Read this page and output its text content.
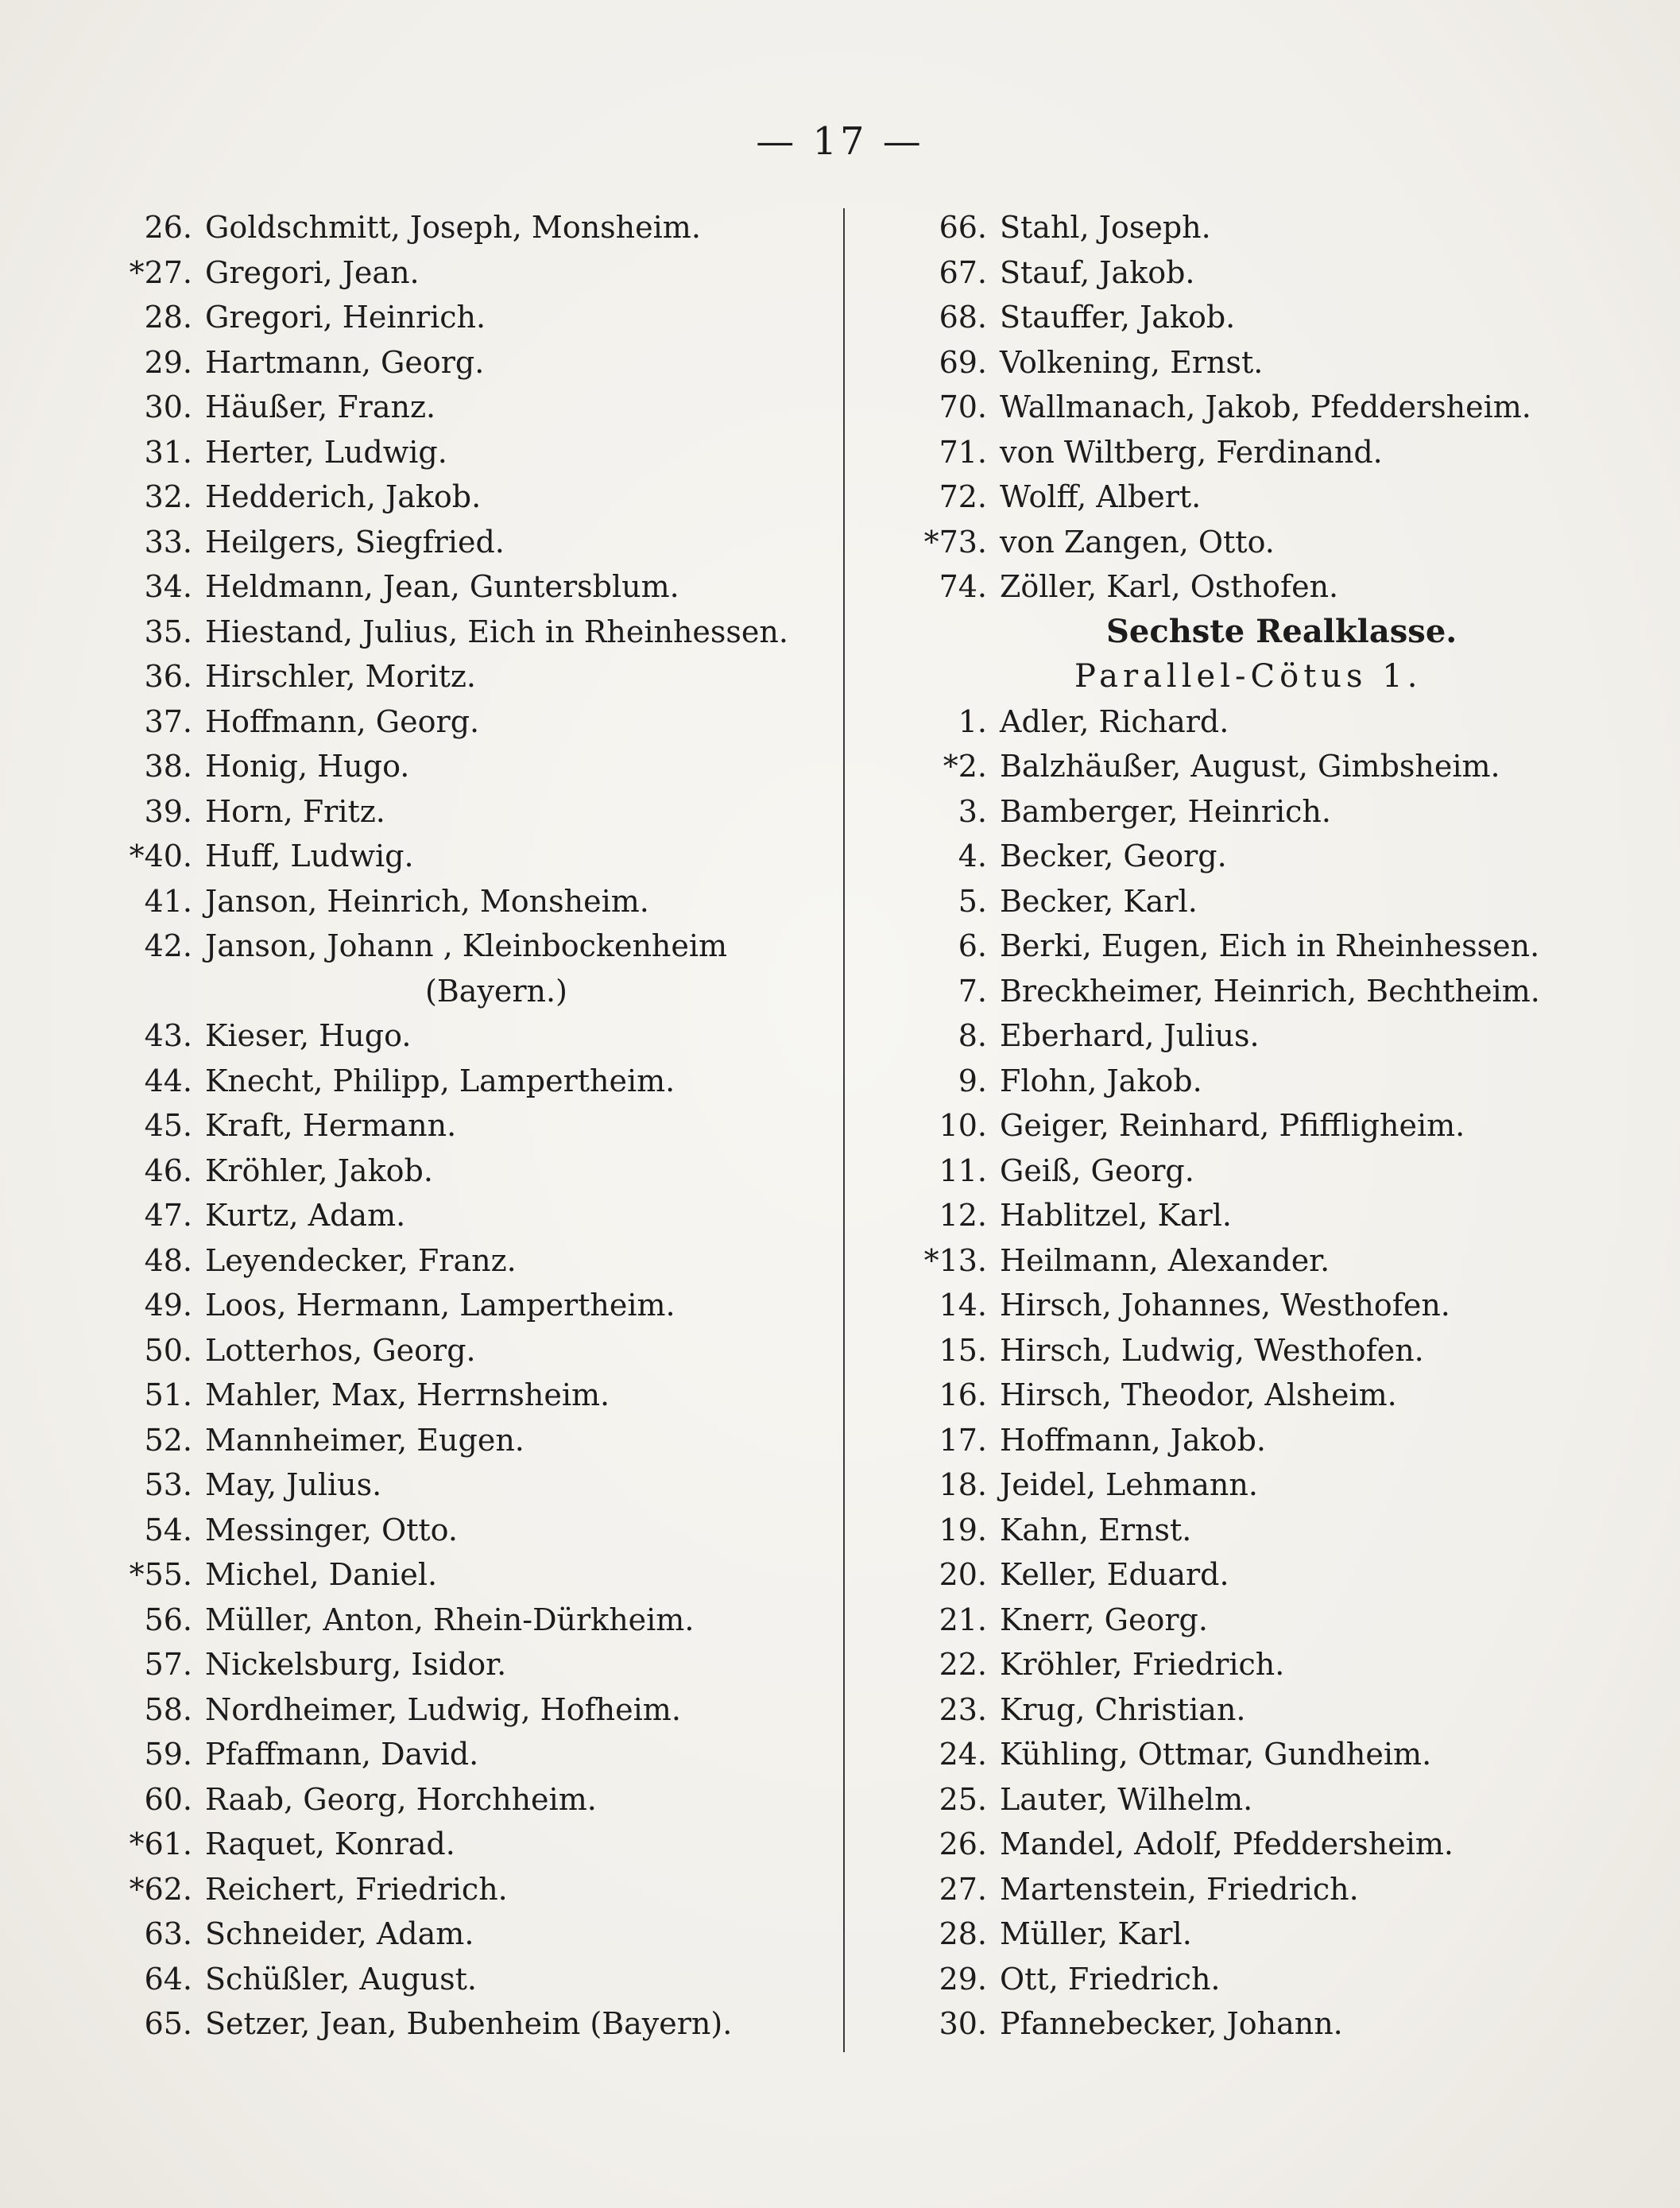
— 17 —
26. Goldschmitt, Joseph, Monsheim.
*27. Gregori, Jean.
28. Gregori, Heinrich.
29. Hartmann, Georg.
30. Häußer, Franz.
31. Herter, Ludwig.
32. Hedderich, Jakob.
33. Heilgers, Siegfried.
34. Heldmann, Jean, Guntersblum.
35. Hiestand, Julius, Eich in Rheinhessen.
36. Hirschler, Moritz.
37. Hoffmann, Georg.
38. Honig, Hugo.
39. Horn, Fritz.
*40. Huff, Ludwig.
41. Janson, Heinrich, Monsheim.
42. Janson, Johann , Kleinbockenheim
(Bayern.)
43. Kieser, Hugo.
44. Knecht, Philipp, Lampertheim.
45. Kraft, Hermann.
46. Kröhler, Jakob.
47. Kurtz, Adam.
48. Leyendecker, Franz.
49. Loos, Hermann, Lampertheim.
50. Lotterhos, Georg.
51. Mahler, Max, Herrnsheim.
52. Mannheimer, Eugen.
53. May, Julius.
54. Messinger, Otto.
*55. Michel, Daniel.
56. Müller, Anton, Rhein-Dürkheim.
57. Nickelsburg, Isidor.
58. Nordheimer, Ludwig, Hofheim.
59. Pfaffmann, David.
60. Raab, Georg, Horchheim.
*61. Raquet, Konrad.
*62. Reichert, Friedrich.
63. Schneider, Adam.
64. Schüßler, August.
65. Setzer, Jean, Bubenheim (Bayern).
66. Stahl, Joseph.
67. Stauf, Jakob.
68. Stauffer, Jakob.
69. Volkening, Ernst.
70. Wallmanach, Jakob, Pfeddersheim.
71. von Wiltberg, Ferdinand.
72. Wolff, Albert.
*73. von Zangen, Otto.
74. Zöller, Karl, Osthofen.
Sechste Realklasse.
Parallel-Cötus 1.
1. Adler, Richard.
*2. Balzhäußer, August, Gimbsheim.
3. Bamberger, Heinrich.
4. Becker, Georg.
5. Becker, Karl.
6. Berki, Eugen, Eich in Rheinhessen.
7. Breckheimer, Heinrich, Bechtheim.
8. Eberhard, Julius.
9. Flohn, Jakob.
10. Geiger, Reinhard, Pfiffligheim.
11. Geiß, Georg.
12. Hablitzel, Karl.
*13. Heilmann, Alexander.
14. Hirsch, Johannes, Westhofen.
15. Hirsch, Ludwig, Westhofen.
16. Hirsch, Theodor, Alsheim.
17. Hoffmann, Jakob.
18. Jeidel, Lehmann.
19. Kahn, Ernst.
20. Keller, Eduard.
21. Knerr, Georg.
22. Kröhler, Friedrich.
23. Krug, Christian.
24. Kühling, Ottmar, Gundheim.
25. Lauter, Wilhelm.
26. Mandel, Adolf, Pfeddersheim.
27. Martenstein, Friedrich.
28. Müller, Karl.
29. Ott, Friedrich.
30. Pfannebecker, Johann.
